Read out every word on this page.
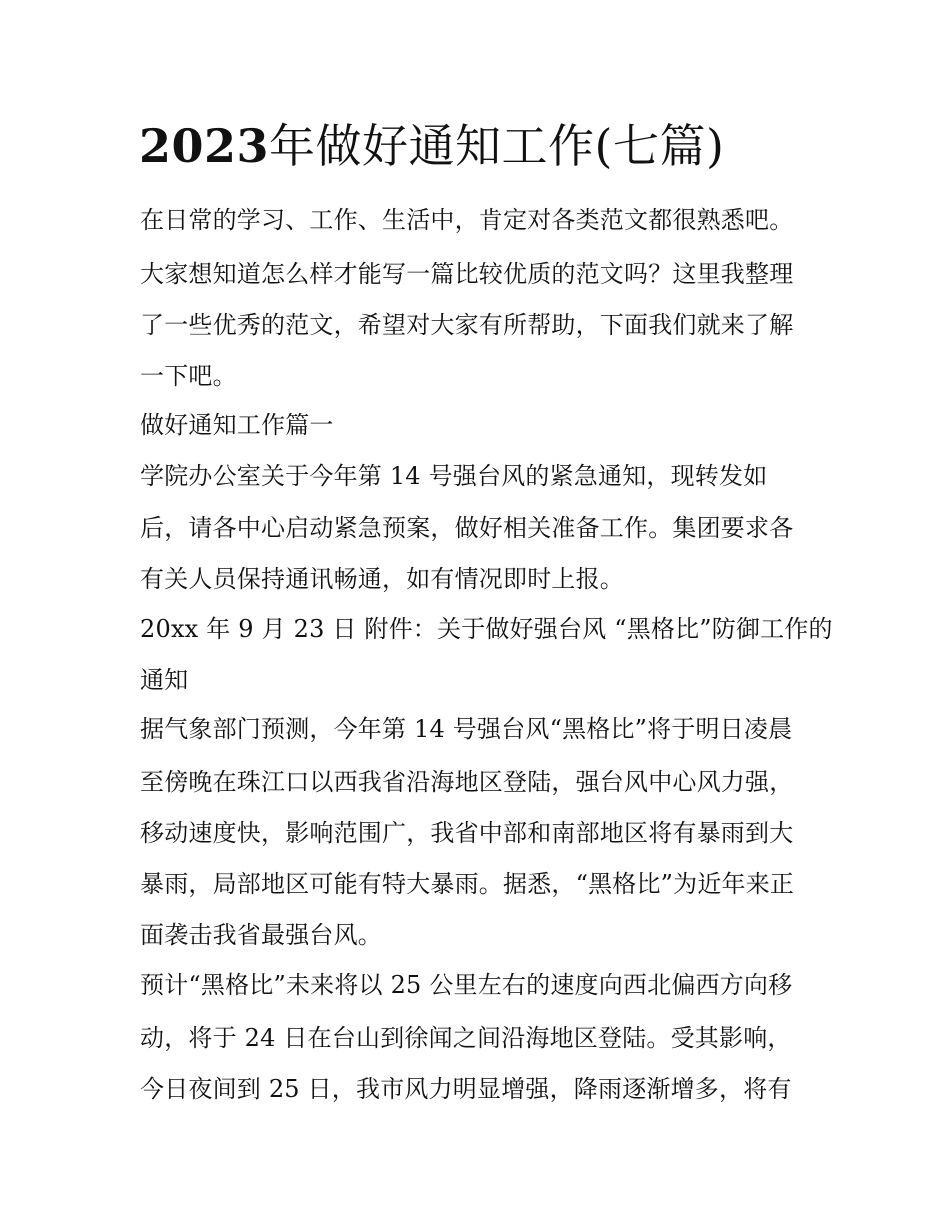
2023年做好通知工作(七篇)

在日常的学习、工作、生活中，肯定对各类范文都很熟悉吧。

大家想知道怎么样才能写一篇比较优质的范文吗？这里我整理

了一些优秀的范文，希望对大家有所帮助，下面我们就来了解

一下吧。

做好通知工作篇一

学院办公室关于今年第 14 号强台风的紧急通知，现转发如

后，请各中心启动紧急预案，做好相关准备工作。集团要求各

有关人员保持通讯畅通，如有情况即时上报。

20xx 年 9 月 23 日 附件：关于做好强台风 “黑格比”防御工作的

通知

据气象部门预测，今年第 14 号强台风“黑格比”将于明日凌晨

至傍晚在珠江口以西我省沿海地区登陆，强台风中心风力强，

移动速度快，影响范围广，我省中部和南部地区将有暴雨到大

暴雨，局部地区可能有特大暴雨。据悉，“黑格比”为近年来正

面袭击我省最强台风。

预计“黑格比”未来将以 25 公里左右的速度向西北偏西方向移

动，将于 24 日在台山到徐闻之间沿海地区登陆。受其影响，

今日夜间到 25 日，我市风力明显增强，降雨逐渐增多，将有
